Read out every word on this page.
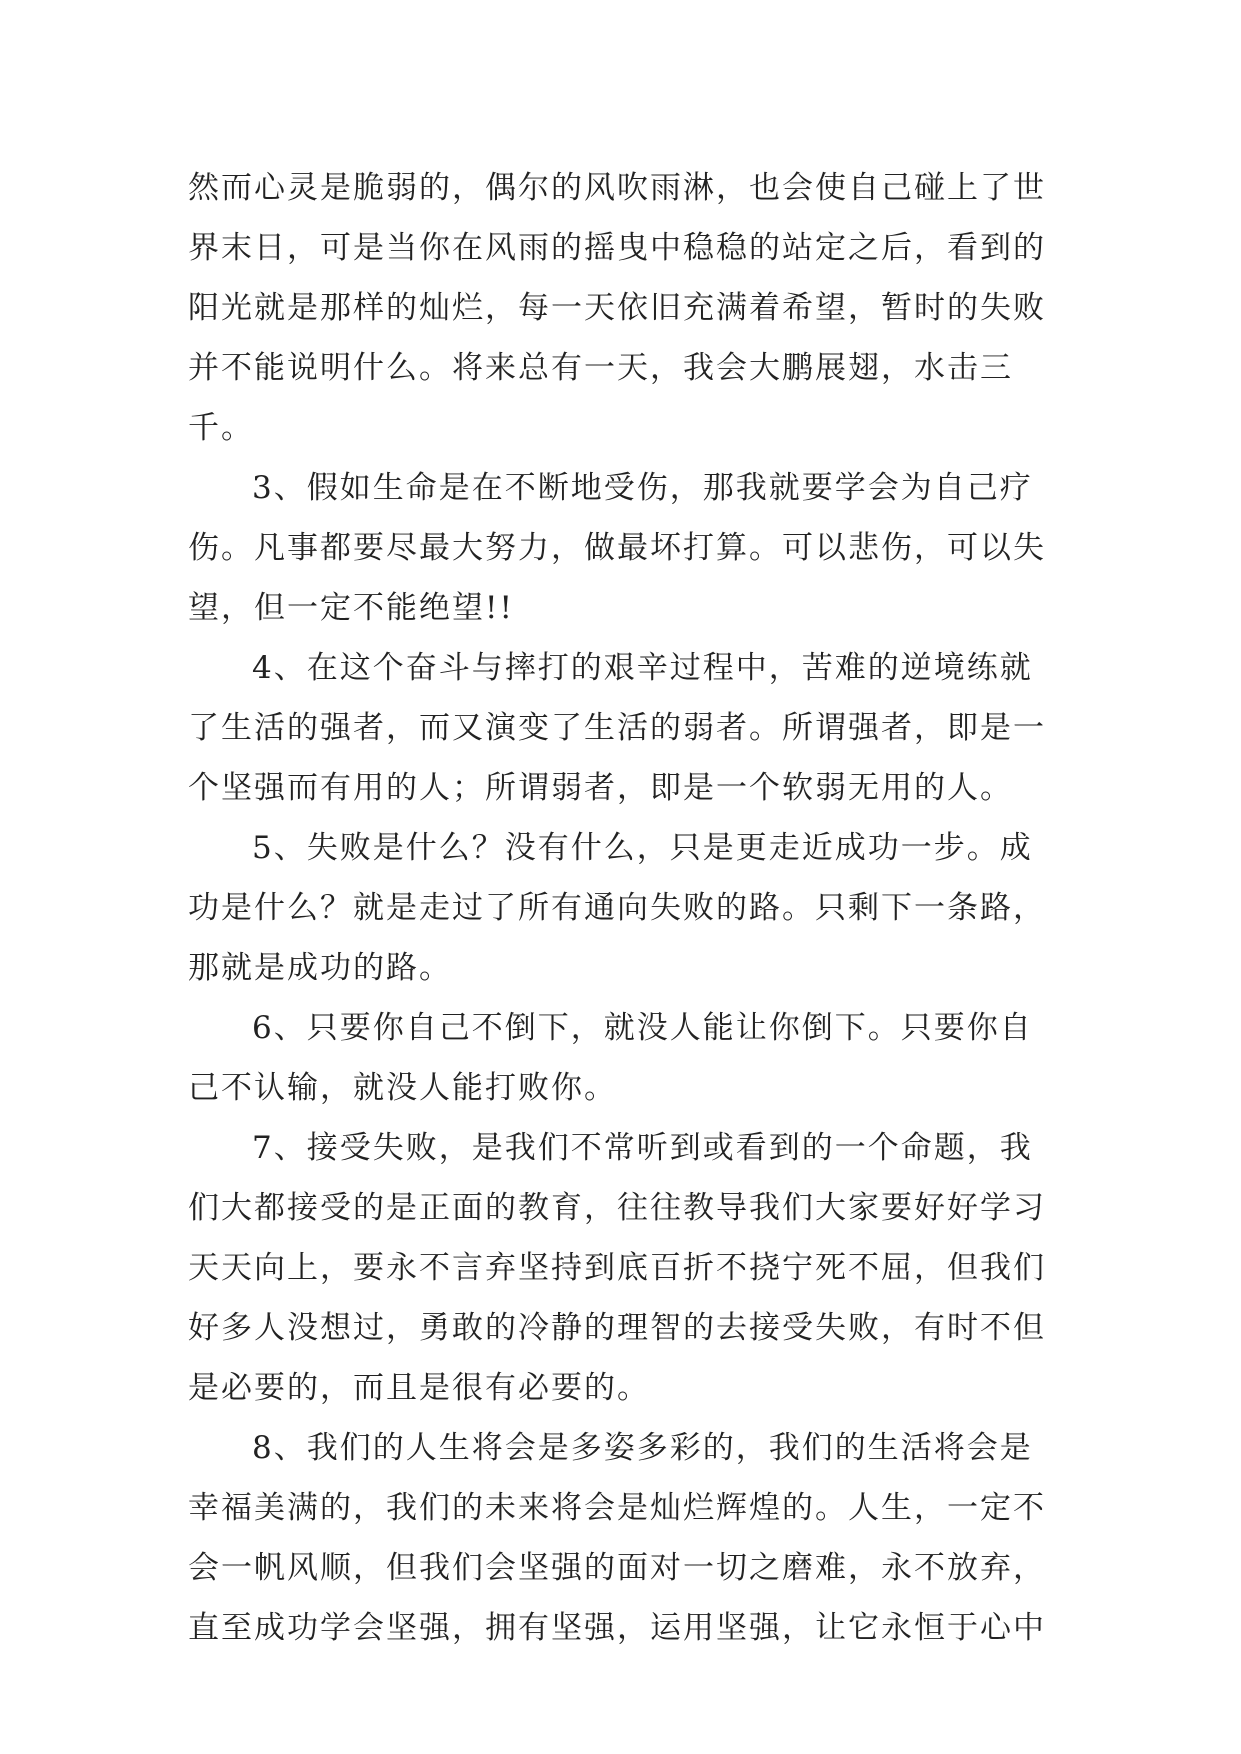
然而心灵是脆弱的，偶尔的风吹雨淋，也会使自己碰上了世界末日，可是当你在风雨的摇曳中稳稳的站定之后，看到的阳光就是那样的灿烂，每一天依旧充满着希望，暂时的失败并不能说明什么。将来总有一天，我会大鹏展翅，水击三千。

3、假如生命是在不断地受伤，那我就要学会为自己疗伤。凡事都要尽最大努力，做最坏打算。可以悲伤，可以失望，但一定不能绝望!!

4、在这个奋斗与摔打的艰辛过程中，苦难的逆境练就了生活的强者，而又演变了生活的弱者。所谓强者，即是一个坚强而有用的人；所谓弱者，即是一个软弱无用的人。

5、失败是什么？没有什么，只是更走近成功一步。成功是什么？就是走过了所有通向失败的路。只剩下一条路，那就是成功的路。

6、只要你自己不倒下，就没人能让你倒下。只要你自己不认输，就没人能打败你。

7、接受失败，是我们不常听到或看到的一个命题，我们大都接受的是正面的教育，往往教导我们大家要好好学习天天向上，要永不言弃坚持到底百折不挠宁死不屈，但我们好多人没想过，勇敢的冷静的理智的去接受失败，有时不但是必要的，而且是很有必要的。

8、我们的人生将会是多姿多彩的，我们的生活将会是幸福美满的，我们的未来将会是灿烂辉煌的。人生，一定不会一帆风顺，但我们会坚强的面对一切之磨难，永不放弃，直至成功学会坚强，拥有坚强，运用坚强，让它永恒于心中
